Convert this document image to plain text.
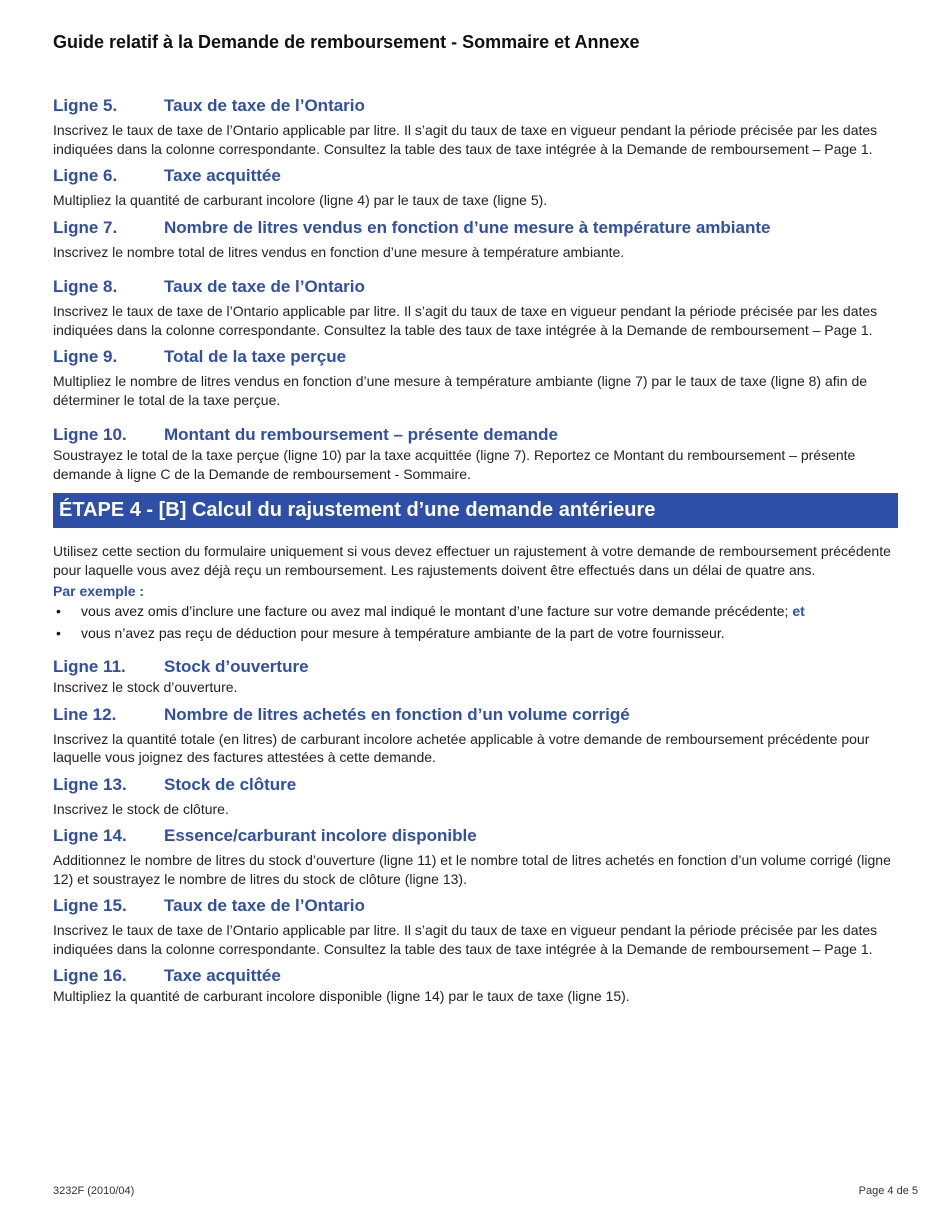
Guide relatif à la Demande de remboursement - Sommaire et Annexe
Ligne 5.	Taux de taxe de l’Ontario

Inscrivez le taux de taxe de l’Ontario applicable par litre. Il s’agit du taux de taxe en vigueur pendant la période précisée par les dates indiquées dans la colonne correspondante. Consultez la table des taux de taxe intégrée à la Demande de remboursement – Page 1.

Ligne 6.	Taxe acquittée

Multipliez la quantité de carburant incolore (ligne 4) par le taux de taxe (ligne 5).

Ligne 7.	Nombre de litres vendus en fonction d’une mesure à température ambiante

Inscrivez le nombre total de litres vendus en fonction d’une mesure à température ambiante.

Ligne 8.	Taux de taxe de l’Ontario

Inscrivez le taux de taxe de l’Ontario applicable par litre. Il s’agit du taux de taxe en vigueur pendant la période précisée par les dates indiquées dans la colonne correspondante. Consultez la table des taux de taxe intégrée à la Demande de remboursement – Page 1.

Ligne 9.	Total de la taxe perçue

Multipliez le nombre de litres vendus en fonction d’une mesure à température ambiante (ligne 7) par le taux de taxe (ligne 8) afin de déterminer le total de la taxe perçue.

Ligne 10. Montant du remboursement – présente demande

Soustrayez le total de la taxe perçue (ligne 10) par la taxe acquittée (ligne 7). Reportez ce Montant du remboursement – présente demande à ligne C de la Demande de remboursement - Sommaire.

ÉTAPE 4 - [B] Calcul du rajustement d’une demande antérieure

Utilisez cette section du formulaire uniquement si vous devez effectuer un rajustement à votre demande de remboursement précédente pour laquelle vous avez déjà reçu un remboursement. Les rajustements doivent être effectués dans un délai de quatre ans.

Par exemple :
• vous avez omis d’inclure une facture ou avez mal indiqué le montant d’une facture sur votre demande précédente; et
• vous n’avez pas reçu de déduction pour mesure à température ambiante de la part de votre fournisseur.
Ligne 11. Stock d’ouverture

Inscrivez le stock d’ouverture.

Line 12.	Nombre de litres achetés en fonction d’un volume corrigé

Inscrivez la quantité totale (en litres) de carburant incolore achetée applicable à votre demande de remboursement précédente pour laquelle vous joignez des factures attestées à cette demande.

Ligne 13. Stock de clôture

Inscrivez le stock de clôture.

Ligne 14. Essence/carburant incolore disponible

Additionnez le nombre de litres du stock d’ouverture (ligne 11) et le nombre total de litres achetés en fonction d’un volume corrigé (ligne 12) et soustrayez le nombre de litres du stock de clôture (ligne 13).

Ligne 15. Taux de taxe de l’Ontario

Inscrivez le taux de taxe de l’Ontario applicable par litre. Il s’agit du taux de taxe en vigueur pendant la période précisée par les dates indiquées dans la colonne correspondante. Consultez la table des taux de taxe intégrée à la Demande de remboursement – Page 1.

Ligne 16. Taxe acquittée

Multipliez la quantité de carburant incolore disponible (ligne 14) par le taux de taxe (ligne 15).

3232F (2010/04)	Page 4 de 5
